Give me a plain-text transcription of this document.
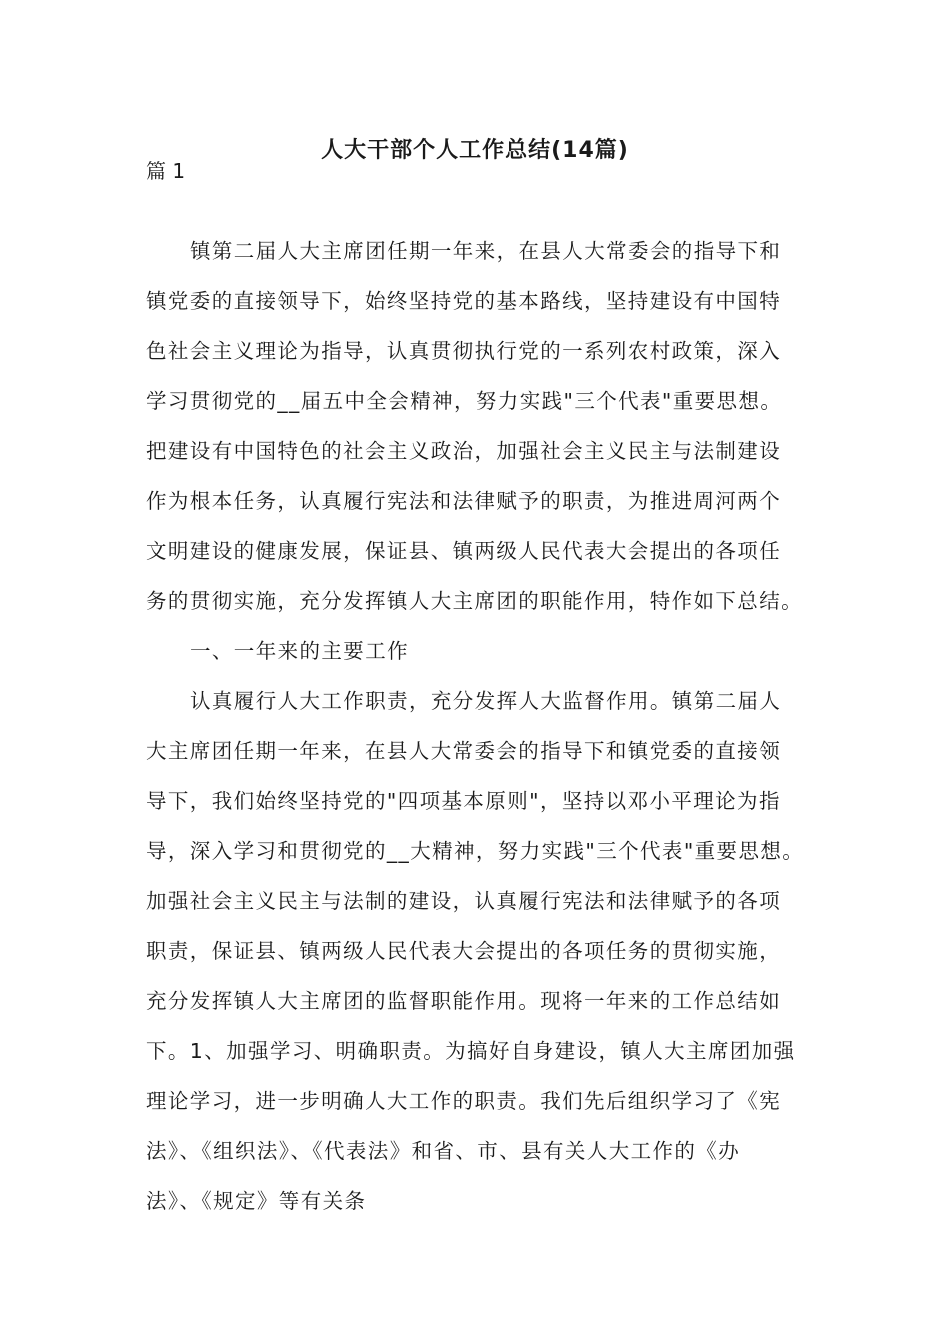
人大干部个人工作总结(14篇)
篇 1
镇第二届人大主席团任期一年来，在县人大常委会的指导下和
镇党委的直接领导下，始终坚持党的基本路线，坚持建设有中国特
色社会主义理论为指导，认真贯彻执行党的一系列农村政策，深入
学习贯彻党的__届五中全会精神，努力实践"三个代表"重要思想。
把建设有中国特色的社会主义政治，加强社会主义民主与法制建设
作为根本任务，认真履行宪法和法律赋予的职责，为推进周河两个
文明建设的健康发展，保证县、镇两级人民代表大会提出的各项任
务的贯彻实施，充分发挥镇人大主席团的职能作用，特作如下总结。
一、一年来的主要工作
认真履行人大工作职责，充分发挥人大监督作用。镇第二届人
大主席团任期一年来，在县人大常委会的指导下和镇党委的直接领
导下，我们始终坚持党的"四项基本原则"，坚持以邓小平理论为指
导，深入学习和贯彻党的__大精神，努力实践"三个代表"重要思想。
加强社会主义民主与法制的建设，认真履行宪法和法律赋予的各项
职责，保证县、镇两级人民代表大会提出的各项任务的贯彻实施，
充分发挥镇人大主席团的监督职能作用。现将一年来的工作总结如
下。1、加强学习、明确职责。为搞好自身建设，镇人大主席团加强
理论学习，进一步明确人大工作的职责。我们先后组织学习了《宪
法》、《组织法》、《代表法》和省、市、县有关人大工作的《办
法》、《规定》等有关条
